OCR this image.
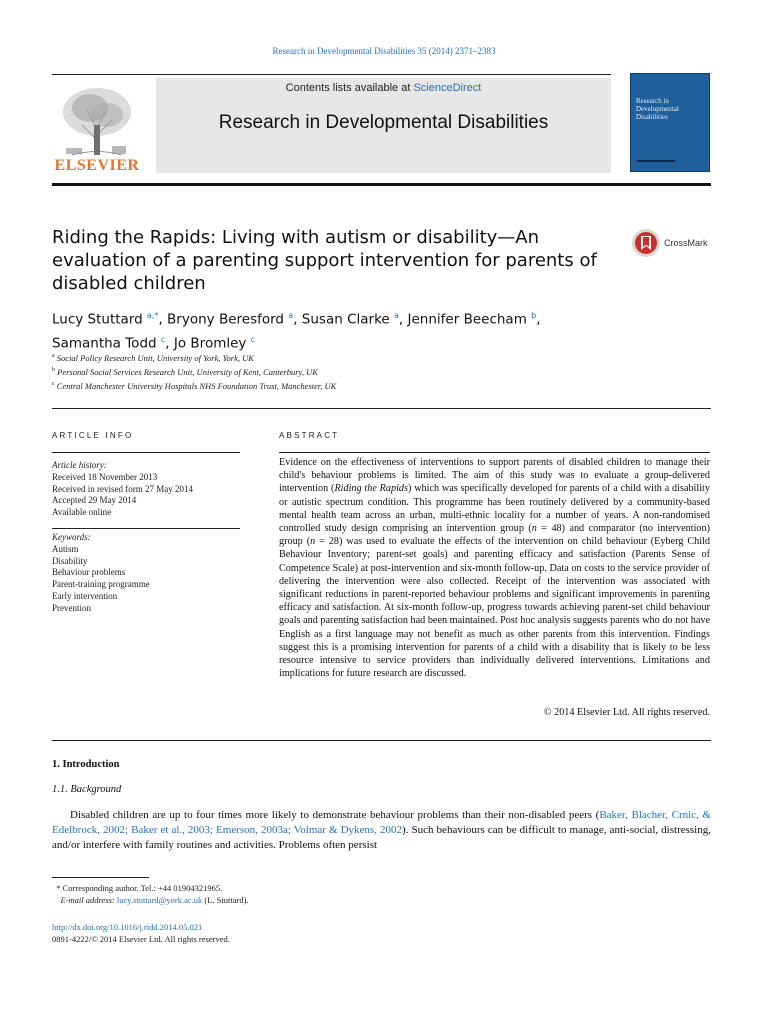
Research in Developmental Disabilities 35 (2014) 2371–2383
ELSEVIER
Contents lists available at ScienceDirect
Research in Developmental Disabilities
Research in Developmental Disabilities
Riding the Rapids: Living with autism or disability—An evaluation of a parenting support intervention for parents of disabled children
CrossMark
Lucy Stuttard $^{a,*}$, Bryony Beresford $^a$, Susan Clarke $^a$, Jennifer Beecham $^b$,
Samantha Todd $^c$, Jo Bromley $^c$
$^a$ Social Policy Research Unit, University of York, York, UK
$^b$ Personal Social Services Research Unit, University of Kent, Canterbury, UK
$^c$ Central Manchester University Hospitals NHS Foundation Trust, Manchester, UK
ARTICLE INFO
Article history:
Received 18 November 2013
Received in revised form 27 May 2014
Accepted 29 May 2014
Available online
Keywords:
Autism
Disability
Behaviour problems
Parent-training programme
Early intervention
Prevention
ABSTRACT
Evidence on the effectiveness of interventions to support parents of disabled children to manage their child's behaviour problems is limited. The aim of this study was to evaluate a group-delivered intervention (Riding the Rapids) which was specifically developed for parents of a child with a disability or autistic spectrum condition. This programme has been routinely delivered by a community-based mental health team across an urban, multi-ethnic locality for a number of years. A non-randomised controlled study design comprising an intervention group (n = 48) and comparator (no intervention) group (n = 28) was used to evaluate the effects of the intervention on child behaviour (Eyberg Child Behaviour Inventory; parent-set goals) and parenting efficacy and satisfaction (Parents Sense of Competence Scale) at post-intervention and six-month follow-up. Data on costs to the service provider of delivering the intervention were also collected. Receipt of the intervention was associated with significant reductions in parent-reported behaviour problems and significant improvements in parenting efficacy and satisfaction. At six-month follow-up, progress towards achieving parent-set child behaviour goals and parenting satisfaction had been maintained. Post hoc analysis suggests parents who do not have English as a first language may not benefit as much as other parents from this intervention. Findings suggest this is a promising intervention for parents of a child with a disability that is likely to be less resource intensive to service providers than individually delivered interventions. Limitations and implications for future research are discussed.
© 2014 Elsevier Ltd. All rights reserved.
1. Introduction
1.1. Background
Disabled children are up to four times more likely to demonstrate behaviour problems than their non-disabled peers (Baker, Blacher, Crnic, & Edelbrock, 2002; Baker et al., 2003; Emerson, 2003a; Volmar & Dykens, 2002). Such behaviours can be difficult to manage, anti-social, distressing, and/or interfere with family routines and activities. Problems often persist
* Corresponding author. Tel.: +44 01904321965.
E-mail address: lucy.stuttard@york.ac.uk (L. Stuttard).
http://dx.doi.org/10.1016/j.ridd.2014.05.021
0891-4222/© 2014 Elsevier Ltd. All rights reserved.
